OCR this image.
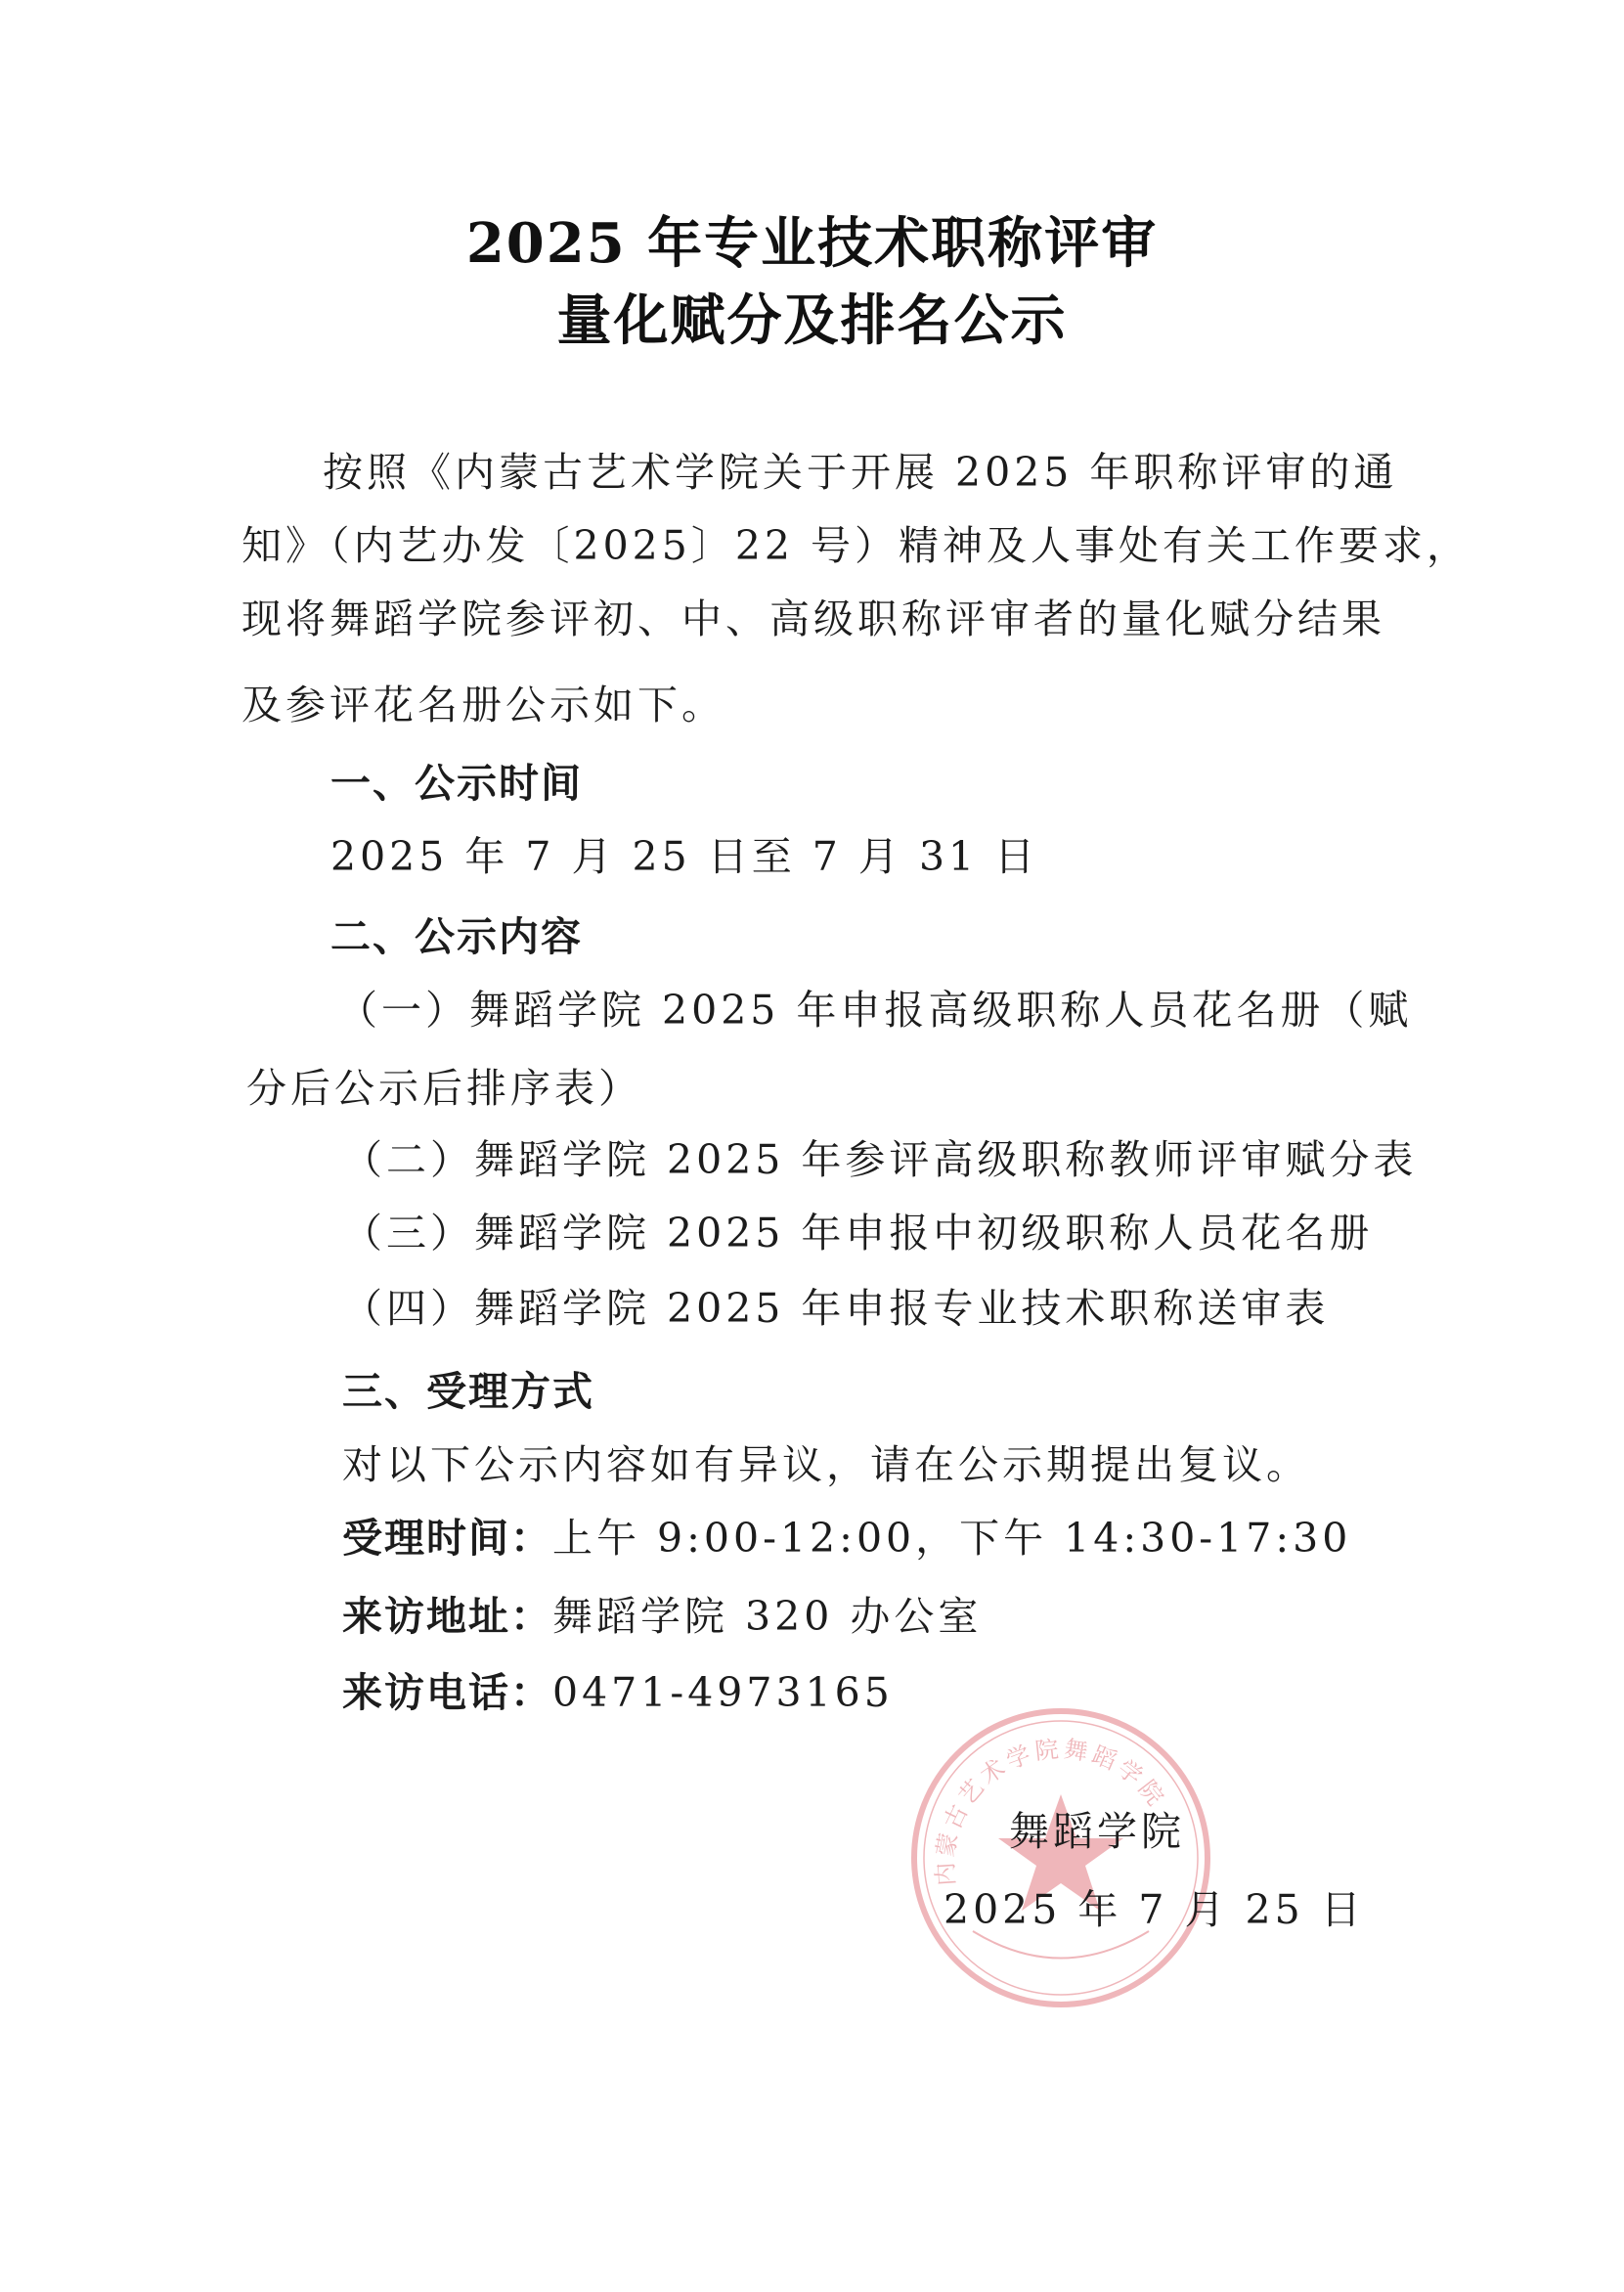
2025 年专业技术职称评审
量化赋分及排名公示
按照《内蒙古艺术学院关于开展 2025 年职称评审的通
知》（内艺办发〔2025〕22 号）精神及人事处有关工作要求，
现将舞蹈学院参评初、中、高级职称评审者的量化赋分结果
及参评花名册公示如下。
一、公示时间
2025 年 7 月 25 日至 7 月 31 日
二、公示内容
（一）舞蹈学院 2025 年申报高级职称人员花名册（赋
分后公示后排序表）
（二）舞蹈学院 2025 年参评高级职称教师评审赋分表
（三）舞蹈学院 2025 年申报中初级职称人员花名册
（四）舞蹈学院 2025 年申报专业技术职称送审表
三、受理方式
对以下公示内容如有异议，请在公示期提出复议。
受理时间：上午 9:00-12:00，下午 14:30-17:30
来访地址：舞蹈学院 320 办公室
来访电话：0471-4973165
内蒙古艺术学院舞蹈学院
舞蹈学院
2025 年 7 月 25 日
